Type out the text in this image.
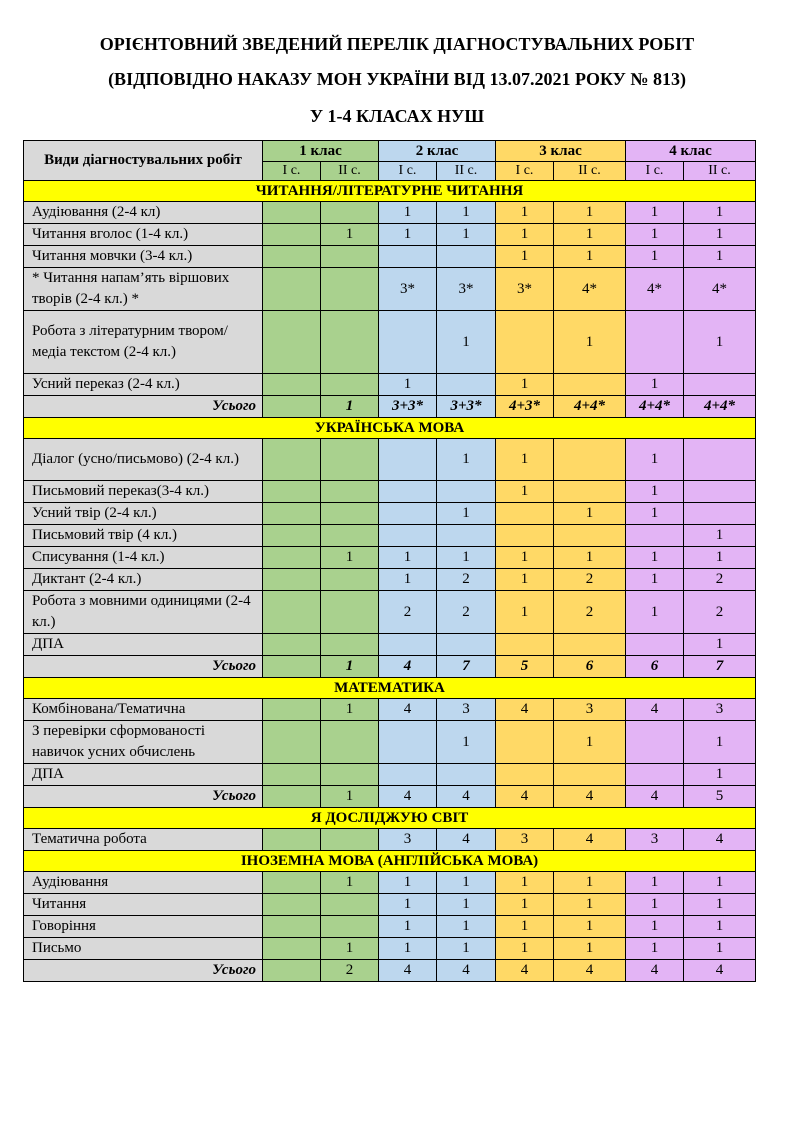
ОРІЄНТОВНИЙ ЗВЕДЕНИЙ ПЕРЕЛІК ДІАГНОСТУВАЛЬНИХ РОБІТ
(ВІДПОВІДНО НАКАЗУ МОН УКРАЇНИ ВІД 13.07.2021 РОКУ № 813)
У 1-4 КЛАСАХ НУШ
Види діагностувальних робіт	1 клас		2 клас		3 клас		4 клас	
	І с.	ІІ с.	І с.	ІІ с.	І с.	ІІ с.	І с.	ІІ с.
ЧИТАННЯ/ЛІТЕРАТУРНЕ ЧИТАННЯ								
Аудіювання (2-4 кл)			1	1	1	1	1	1
Читання вголос (1-4 кл.)		1	1	1	1	1	1	1
Читання мовчки (3-4 кл.)					1	1	1	1
* Читання напам’ять віршових творів (2-4 кл.) *			3*	3*	3*	4*	4*	4*
Робота з літературним твором/медіа текстом (2-4 кл.)				1		1		1
Усний переказ (2-4 кл.)			1		1		1	
Усього		1	3+3*	3+3*	4+3*	4+4*	4+4*	4+4*
УКРАЇНСЬКА МОВА								
Діалог (усно/письмово) (2-4 кл.)				1	1		1	
Письмовий переказ(3-4 кл.)					1		1	
Усний твір (2-4 кл.)				1		1	1	
Письмовий твір (4 кл.)								1
Списування (1-4 кл.)		1	1	1	1	1	1	1
Диктант (2-4 кл.)			1	2	1	2	1	2
Робота з мовними одиницями (2-4 кл.)			2	2	1	2	1	2
ДПА								1
Усього		1	4	7	5	6	6	7
МАТЕМАТИКА								
Комбінована/Тематична		1	4	3	4	3	4	3
З перевірки сформованості навичок усних обчислень				1		1		1
ДПА								1
Усього		1	4	4	4	4	4	5
Я ДОСЛІДЖУЮ СВІТ								
Тематична робота			3	4	3	4	3	4
ІНОЗЕМНА МОВА (АНГЛІЙСЬКА МОВА)								
Аудіювання		1	1	1	1	1	1	1
Читання			1	1	1	1	1	1
Говоріння			1	1	1	1	1	1
Письмо		1	1	1	1	1	1	1
Усього		2	4	4	4	4	4	4
